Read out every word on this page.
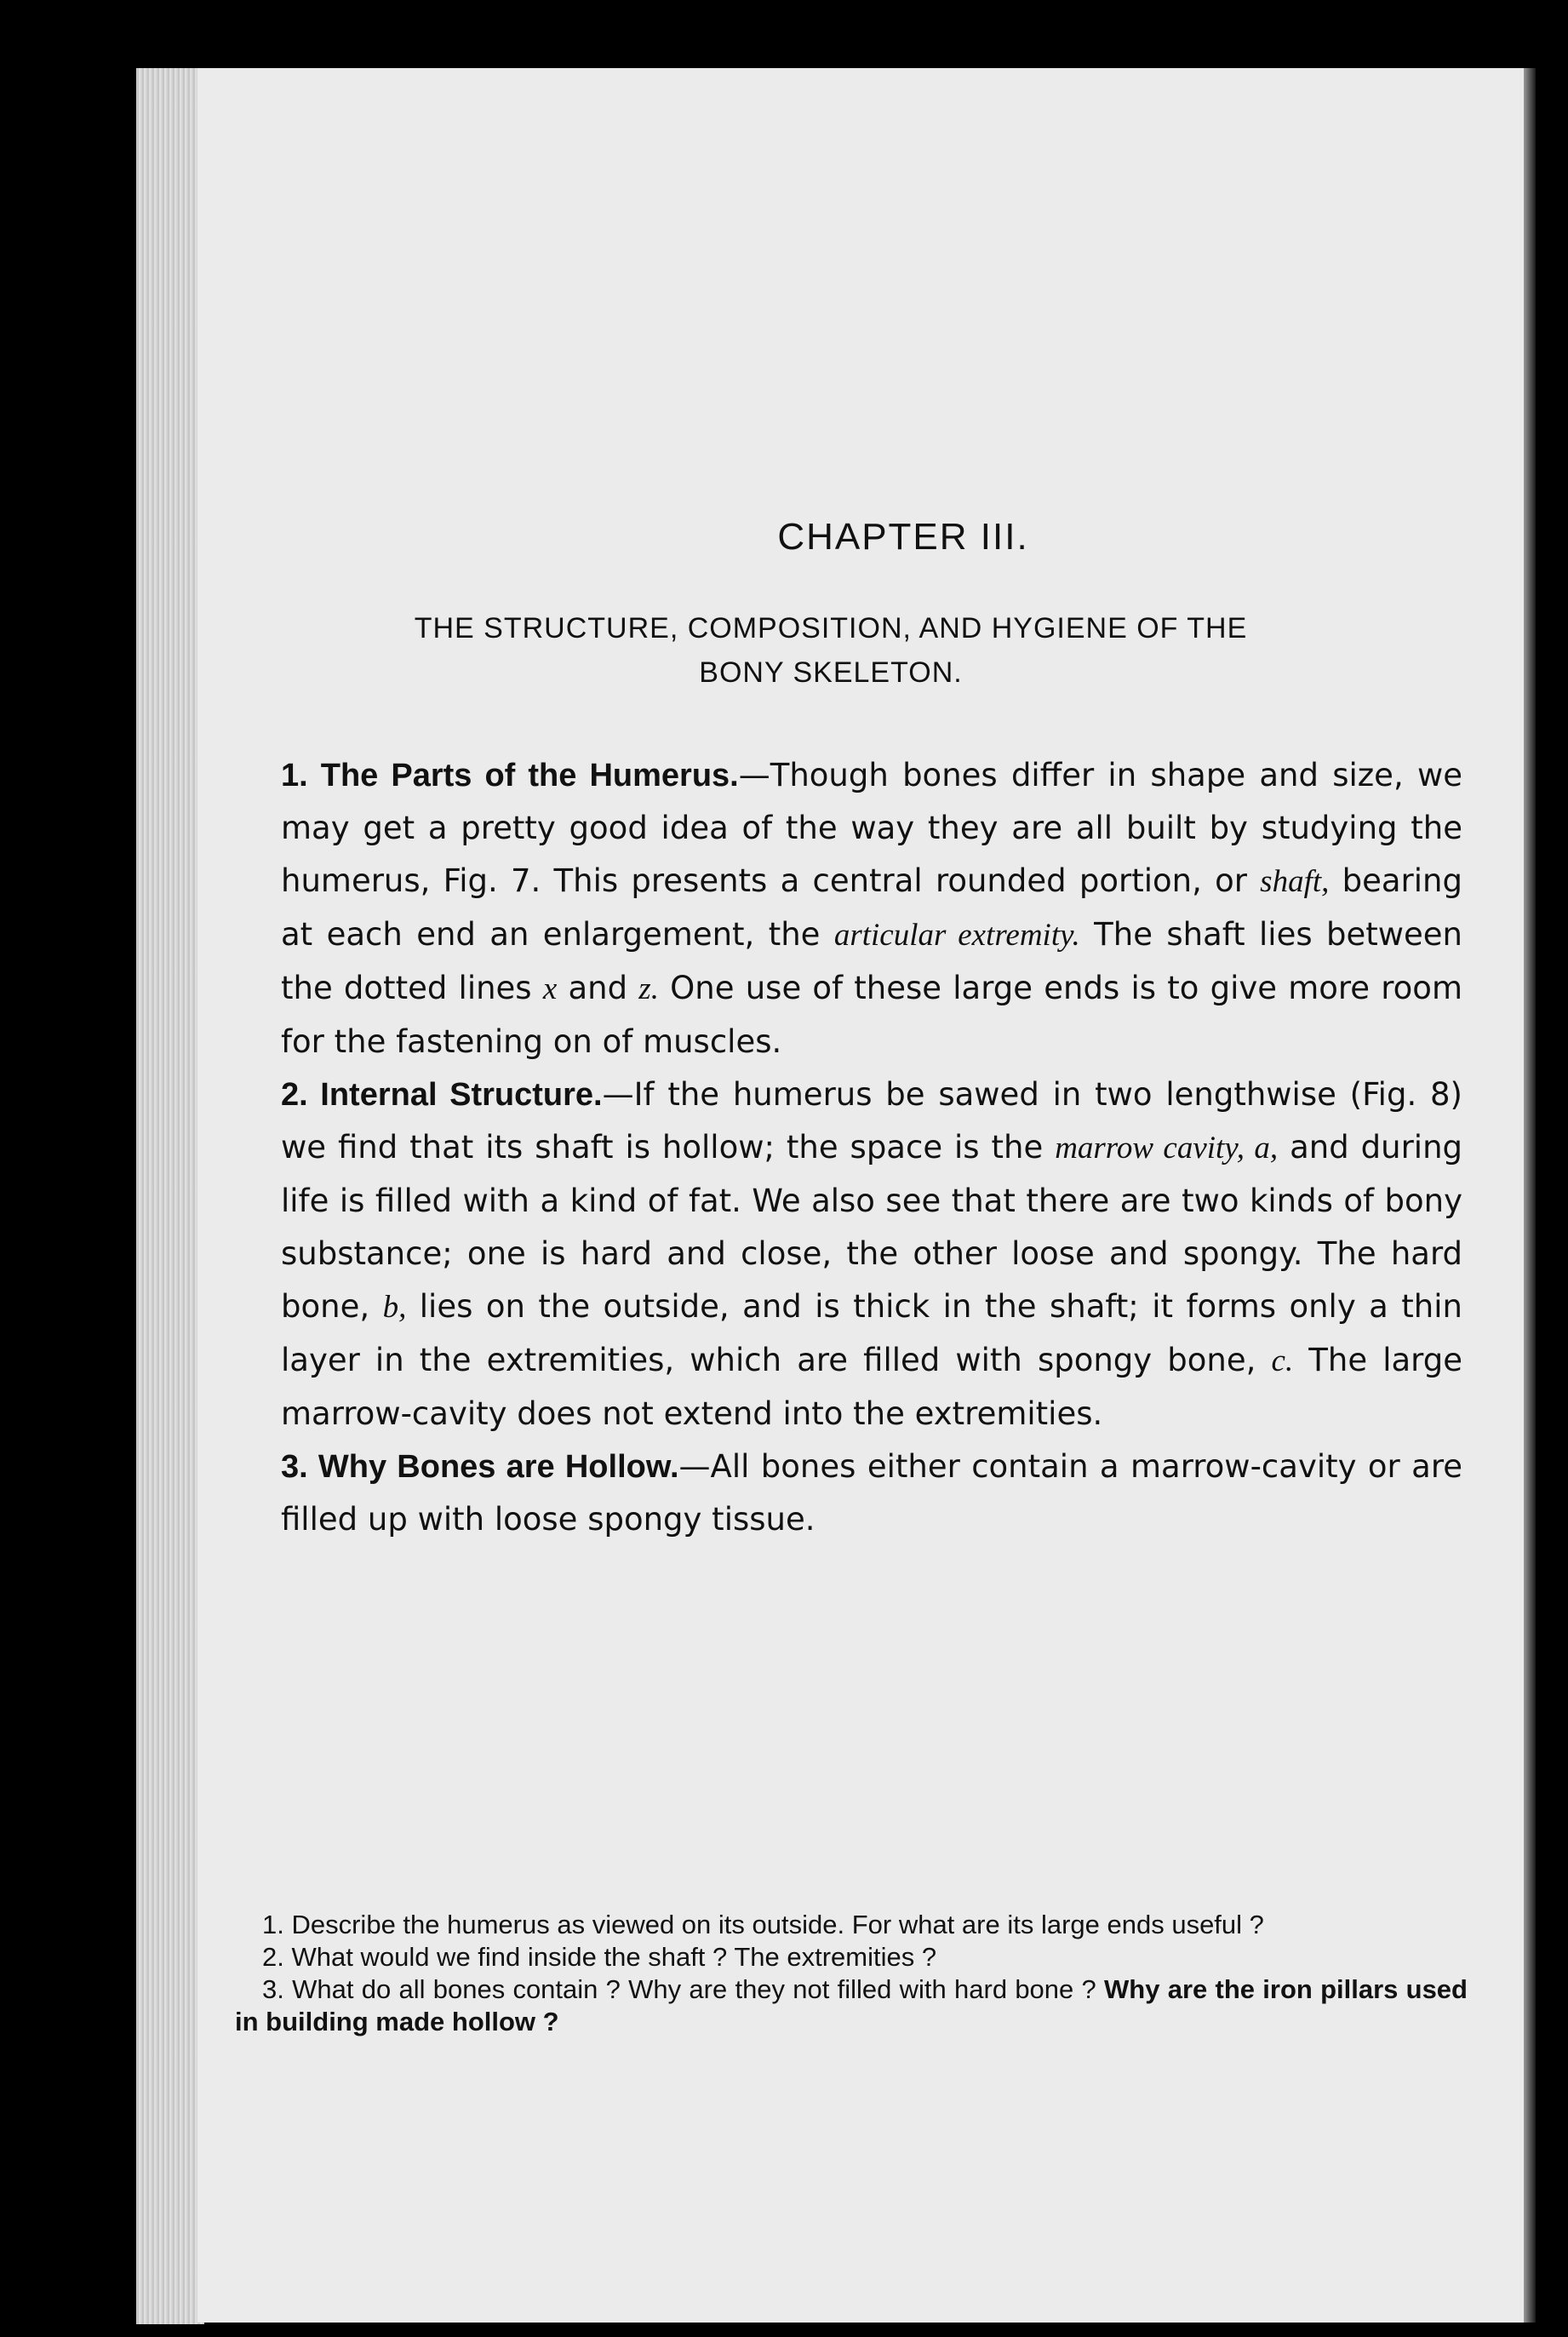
CHAPTER III.
THE STRUCTURE, COMPOSITION, AND HYGIENE OF THE
BONY SKELETON.

1. The Parts of the Humerus.—Though bones differ in shape and size, we may get a pretty good idea of the way they are all built by studying the humerus, Fig. 7. This presents a central rounded portion, or shaft, bearing at each end an enlargement, the articular extremity. The shaft lies between the dotted lines x and z. One use of these large ends is to give more room for the fastening on of muscles.

2. Internal Structure.—If the humerus be sawed in two lengthwise (Fig. 8) we find that its shaft is hollow; the space is the marrow cavity, a, and during life is filled with a kind of fat. We also see that there are two kinds of bony substance; one is hard and close, the other loose and spongy. The hard bone, b, lies on the outside, and is thick in the shaft; it forms only a thin layer in the extremities, which are filled with spongy bone, c. The large marrow-cavity does not extend into the extremities.

3. Why Bones are Hollow.—All bones either contain a marrow-cavity or are filled up with loose spongy tissue.

1. Describe the humerus as viewed on its outside. For what are its large ends useful ?

2. What would we find inside the shaft ? The extremities ?

3. What do all bones contain ? Why are they not filled with hard bone ? Why are the iron pillars used in building made hollow ?
